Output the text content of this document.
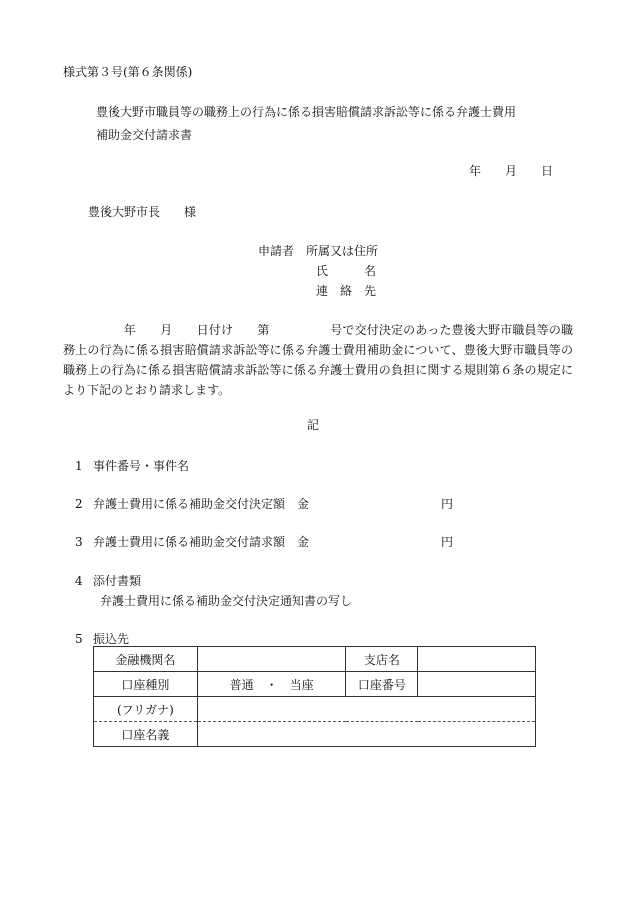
様式第３号(第６条関係)
豊後大野市職員等の職務上の行為に係る損害賠償請求訴訟等に係る弁護士費用
補助金交付請求書
年 月 日
豊後大野市長　　様
申請者　所属又は住所
氏　　　名
連　絡　先

　　　　　年　　月　　日付け　　第　　　　　号で交付決定のあった豊後大野市職員等の職務上の行為に係る損害賠償請求訴訟等に係る弁護士費用補助金について、豊後大野市職員等の職務上の行為に係る損害賠償請求訴訟等に係る弁護士費用の負担に関する規則第６条の規定により下記のとおり請求します。

記
1 事件番号・事件名
2 弁護士費用に係る補助金交付決定額　金　　　　　　　　　　　円
3 弁護士費用に係る補助金交付請求額　金　　　　　　　　　　　円
4 添付書類
弁護士費用に係る補助金交付決定通知書の写し
5 振込先
金融機関名		支店名	
口座種別	普通　・　当座	口座番号	
(フリガナ)			
口座名義			
